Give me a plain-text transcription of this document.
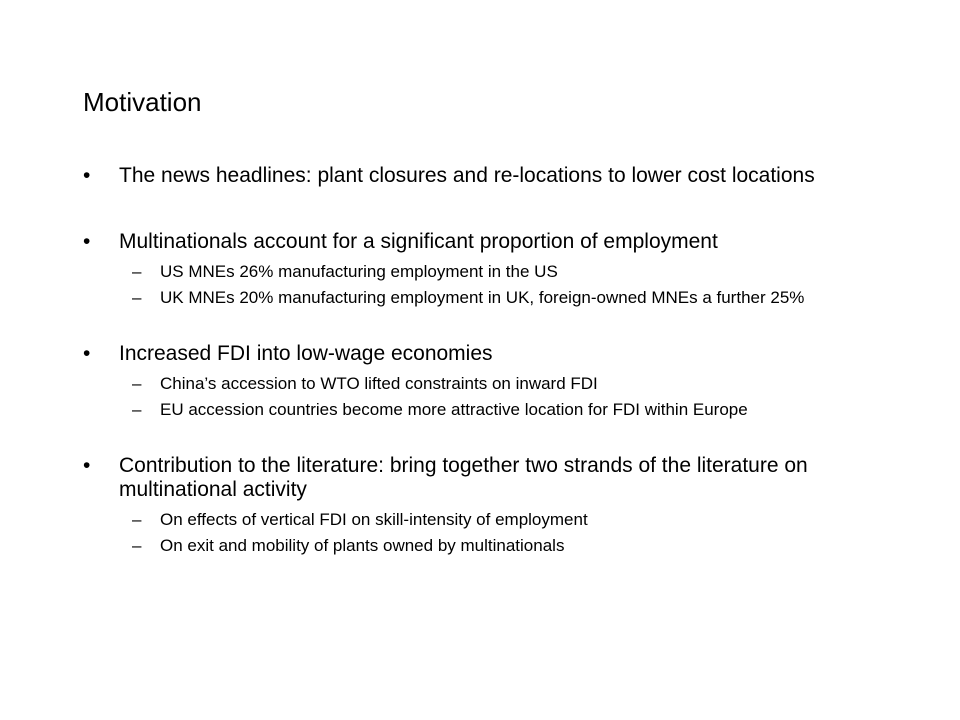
Motivation
• The news headlines: plant closures and re-locations to lower cost locations
• Multinationals account for a significant proportion of employment
– US MNEs 26% manufacturing employment in the US
– UK MNEs 20% manufacturing employment in UK, foreign-owned MNEs a further 25%
• Increased FDI into low-wage economies
– China’s accession to WTO lifted constraints on inward FDI
– EU accession countries become more attractive location for FDI within Europe
• Contribution to the literature: bring together two strands of the literature on multinational activity
– On effects of vertical FDI on skill-intensity of employment
– On exit and mobility of plants owned by multinationals
